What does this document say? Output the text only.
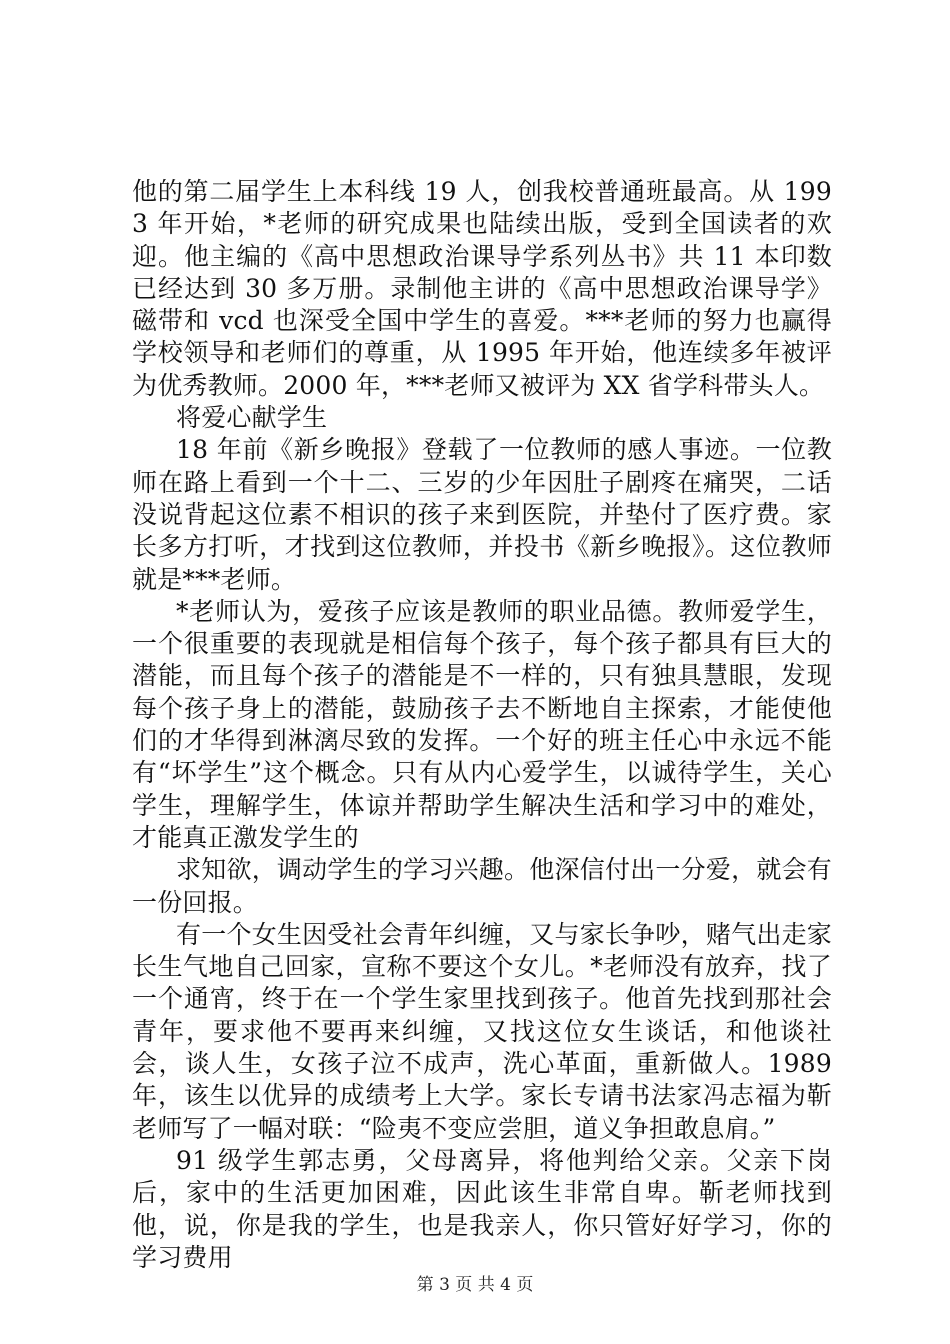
他的第二届学生上本科线 19 人，创我校普通班最高。从 1993 年开始，*老师的研究成果也陆续出版，受到全国读者的欢迎。他主编的《高中思想政治课导学系列丛书》共 11 本印数已经达到 30 多万册。录制他主讲的《高中思想政治课导学》磁带和 vcd 也深受全国中学生的喜爱。***老师的努力也赢得学校领导和老师们的尊重，从 1995 年开始，他连续多年被评为优秀教师。2000 年，***老师又被评为 XX 省学科带头人。

将爱心献学生

18 年前《新乡晚报》登载了一位教师的感人事迹。一位教师在路上看到一个十二、三岁的少年因肚子剧疼在痛哭，二话没说背起这位素不相识的孩子来到医院，并垫付了医疗费。家长多方打听，才找到这位教师，并投书《新乡晚报》。这位教师就是***老师。

*老师认为，爱孩子应该是教师的职业品德。教师爱学生，一个很重要的表现就是相信每个孩子，每个孩子都具有巨大的潜能，而且每个孩子的潜能是不一样的，只有独具慧眼，发现每个孩子身上的潜能，鼓励孩子去不断地自主探索，才能使他们的才华得到淋漓尽致的发挥。一个好的班主任心中永远不能有“坏学生”这个概念。只有从内心爱学生，以诚待学生，关心学生，理解学生，体谅并帮助学生解决生活和学习中的难处，才能真正激发学生的

求知欲，调动学生的学习兴趣。他深信付出一分爱，就会有一份回报。

有一个女生因受社会青年纠缠，又与家长争吵，赌气出走家长生气地自己回家，宣称不要这个女儿。*老师没有放弃，找了一个通宵，终于在一个学生家里找到孩子。他首先找到那社会青年，要求他不要再来纠缠，又找这位女生谈话，和他谈社会，谈人生，女孩子泣不成声，洗心革面，重新做人。1989 年，该生以优异的成绩考上大学。家长专请书法家冯志福为靳老师写了一幅对联：“险夷不变应尝胆，道义争担敢息肩。”

91 级学生郭志勇，父母离异，将他判给父亲。父亲下岗后，家中的生活更加困难，因此该生非常自卑。靳老师找到他，说，你是我的学生，也是我亲人，你只管好好学习，你的学习费用

第 3 页 共 4 页
